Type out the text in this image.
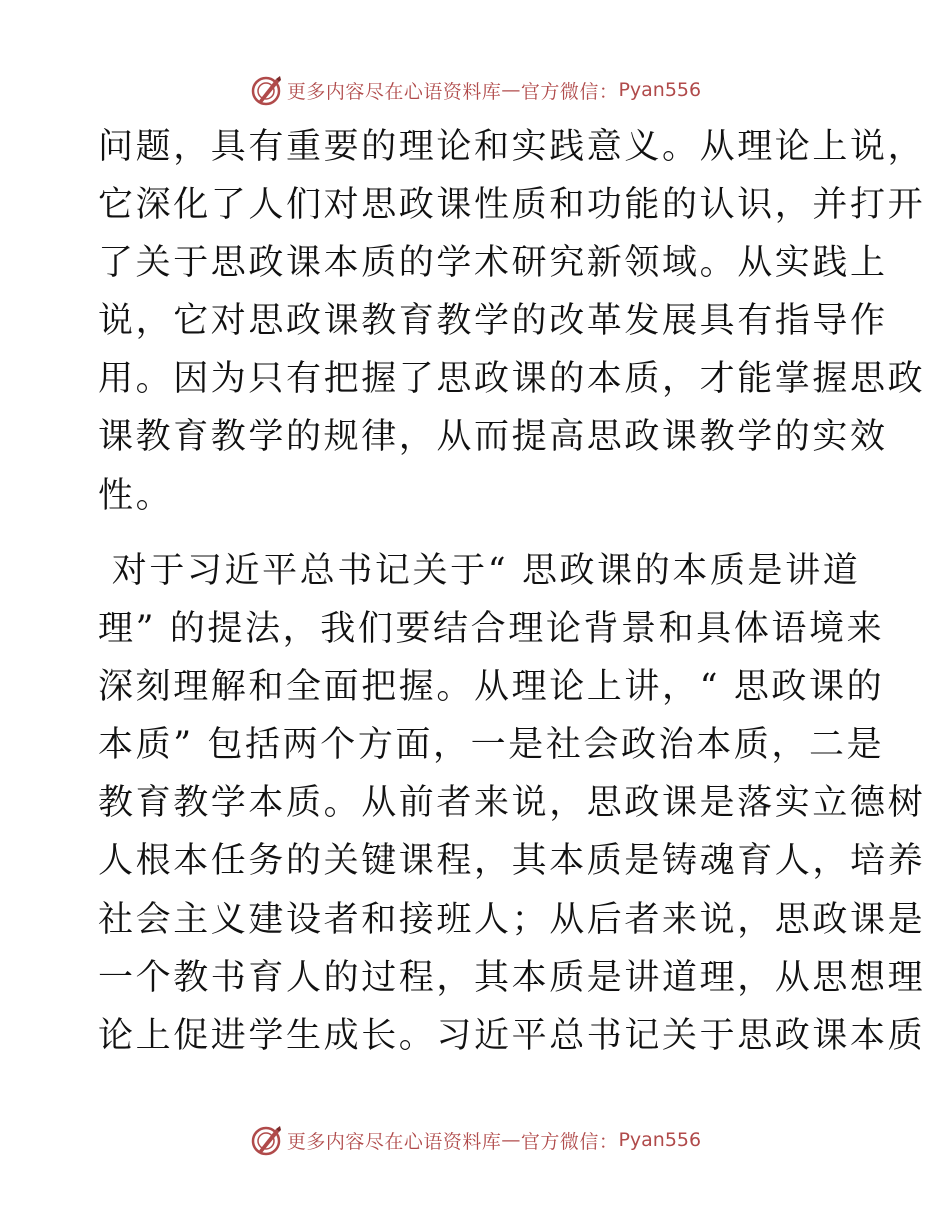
更多内容尽在心语资料库 — 官方微信： Pyan556
问题，具有重要的理论和实践意义。从理论上说，
它深化了人们对思政课性质和功能的认识，并打开
了关于思政课本质的学术研究新领域。从实践上
说，它对思政课教育教学的改革发展具有指导作
用。因为只有把握了思政课的本质，才能掌握思政
课教育教学的规律，从而提高思政课教学的实效
性。
对于习近平总书记关于“ 思政课的本质是讲道
理” 的提法，我们要结合理论背景和具体语境来
深刻理解和全面把握。从理论上讲，“ 思政课的
本质” 包括两个方面，一是社会政治本质，二是
教育教学本质。从前者来说，思政课是落实立德树
人根本任务的关键课程，其本质是铸魂育人，培养
社会主义建设者和接班人；从后者来说，思政课是
一个教书育人的过程，其本质是讲道理，从思想理
论上促进学生成长。习近平总书记关于思政课本质
更多内容尽在心语资料库 — 官方微信： Pyan556
